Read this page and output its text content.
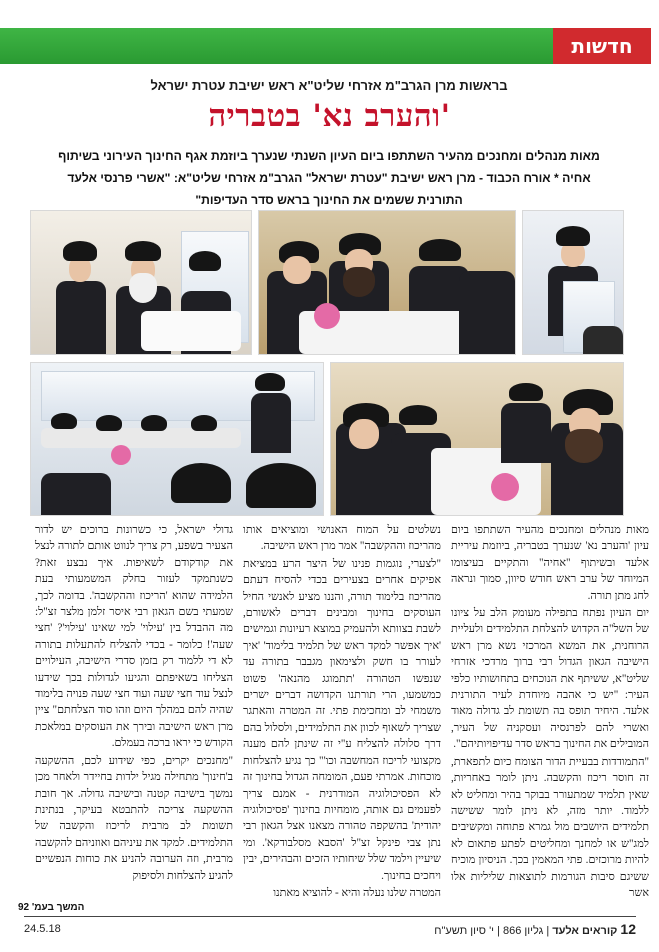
חדשות
בראשות מרן הגרב"מ אזרחי שליט"א ראש ישיבת עטרת ישראל
'והערב נא' בטבריה
מאות מנהלים ומחנכים מהעיר השתתפו ביום העיון השנתי שנערך ביוזמת אגף החינוך העירוני בשיתוף
אחיה * אורח הכבוד - מרן ראש ישיבת "עטרת ישראל" הגרב"מ אזרחי שליט"א: "אשרי פרנסי אלעד
התורנית ששמים את החינוך בראש סדר העדיפות"

מאות מנהלים ומחנכים מהעיר השתתפו ביום עיון 'והערב נא' שנערך בטבריה, ביוזמת עיריית אלעד ובשיתוף "אחיה" והתקיים בעיצומו המיוחד של ערב ראש חודש סיוון, סמוך ונראה לחג מתן תורה.

יום העיון נפתח בתפילה מעומק הלב על ציונו של השל"ה הקדוש להצלחת התלמידים ולעליית הרוחנית, את המשא המרכזי נשא מרן ראש הישיבה הגאון הגדול רבי ברוך מרדכי אזרחי שליט"א, ששיתף את הנוכחים בתחושותיו כלפי העיר: "יש כי אהבה מיוחדת לעיר התורנית אלעד. היחיד תופס בה תשומת לב גדולה מאוד ואשרי להם לפרנסיה ועסקניה של העיר, המובילים את החינוך בראש סדר עדיפויותיהם".

"התמודדות בבעיית הדור הצומח כיום לתפארת, זה חוסר ריכוז והקשבה. ניתן לומר באחריות, שאין תלמיד שמתעורר בבוקר בהיר ומחליט לא ללמוד. יותר מזה, לא ניתן לומר ששישה תלמידים היושבים מול גמרא פתוחה ומקשיבים למג"ש או למחנך ומחליטים לפתע פתאום לא להיות מרוכזים. פתי המאמין בכך. הניסיון מוכיח ששיגם סיבות הגורמות לתוצאות שליליות אלו אשר

נשלטים על המוח האנושי ומוציאים אותו מהריכוז וההקשבה" אמר מרן ראש הישיבה.

"לצערי, נוגמות פנינו של היצר הרע במציאת אפיקים אחרים בצעירים בכדי להסיח דעתם מהריכוז בלימוד תורה, והננו מציע לאנשי החיל העוסקים בחינוך ומבינים דברים לאשורם, לשבת בצוותא ולהעמיק במוצא רעיונות וגמישים 'איך אפשר למקד ראש של תלמיד בלימוד' 'איך לעורר בו חשק ולצימאון מגבבר בתורה עד שנפשו הטהורה 'תתמוגג מהנאה' פשוט כמשמעו, הרי תורתנו הקדושה דברים ישרים משמחי לב ומחכימת פתי. זה המטרה והאתגר שצריך לשאוף לכוון את התלמידים, ולסלול בהם דרך סלולה להצליח ע"י זה שינתן להם מענה מקצועי לריכוז המחשבה וכו'" כך נגיע להצלחות מוכחות. אמרתי פעם, המומחה הגדול בחינוך זה לא הפסיכולוגיה המודרנית - אמנם צריך לפעמים גם אותה, מומחיות בחינוך 'פסיכולוגיה יהודית' בהשקפה טהורה מצאנו אצל הגאון רבי נתן צבי פינקל זצ"ל 'הסבא מסלבודקא'. ומי שיעיין וילמד שלל שיחותיו הזכים והבהירים, יבין ויחכים בחינוך.

המטרה שלנו נעלה והיא - להוציא מאתנו

גדולי ישראל, כי כשרונות ברוכים יש לדור הצעיר בשפע, רק צריך לנווט אותם לתורה לנצל את קודקודם לשאיפות. איך נבצע זאת? כשנתמקד לעזור בחלק המשמעותי בעת הלמידה שהוא 'הריכוז וההקשבה'. בדומה לכך, שמעתי בשם הגאון רבי איסר זלמן מלצר זצ"ל: מה ההבדל בין 'עילוי' למי שאינו 'עילוי'? 'חצי שעה'! כלומר - בכדי להצליח להתעלות בתורה לא די ללמוד רק בזמן סדרי הישיבה, העילויים הצליחו בשאיפתם והגיעו לגדולות בכך שידעו לנצל עוד חצי שעה ועוד חצי שעה פנויה בלימוד שהיה להם במהלך היום וזהו סוד הצלחתם" ציין מרן ראש הישיבה ובירך את העוסקים במלאכת הקודש כי יראו ברכה בעמלם.

"מחנכים יקרים, כפי שידוע לכם, ההשקעה ב'חינוך' מתחילה מגיל ילדות בחיידר ולאחר מכן נמשך בישיבה קטנה ובישיבה גדולה. אך חובת ההשקעה צריכה להתבטא בעיקר, בנתינת תשומת לב מרבית לריכוז והקשבה של התלמידים. למקד את עיניהם ואוזניהם להקשבה מרבית, וזה הערובה להניע את כוחות הנפשיים להגיע להצלחות ולסיפוק

המשך בעמ' 92
12 קוראים אלעד | גליון 866 | י' סיון תשע"ח
24.5.18
